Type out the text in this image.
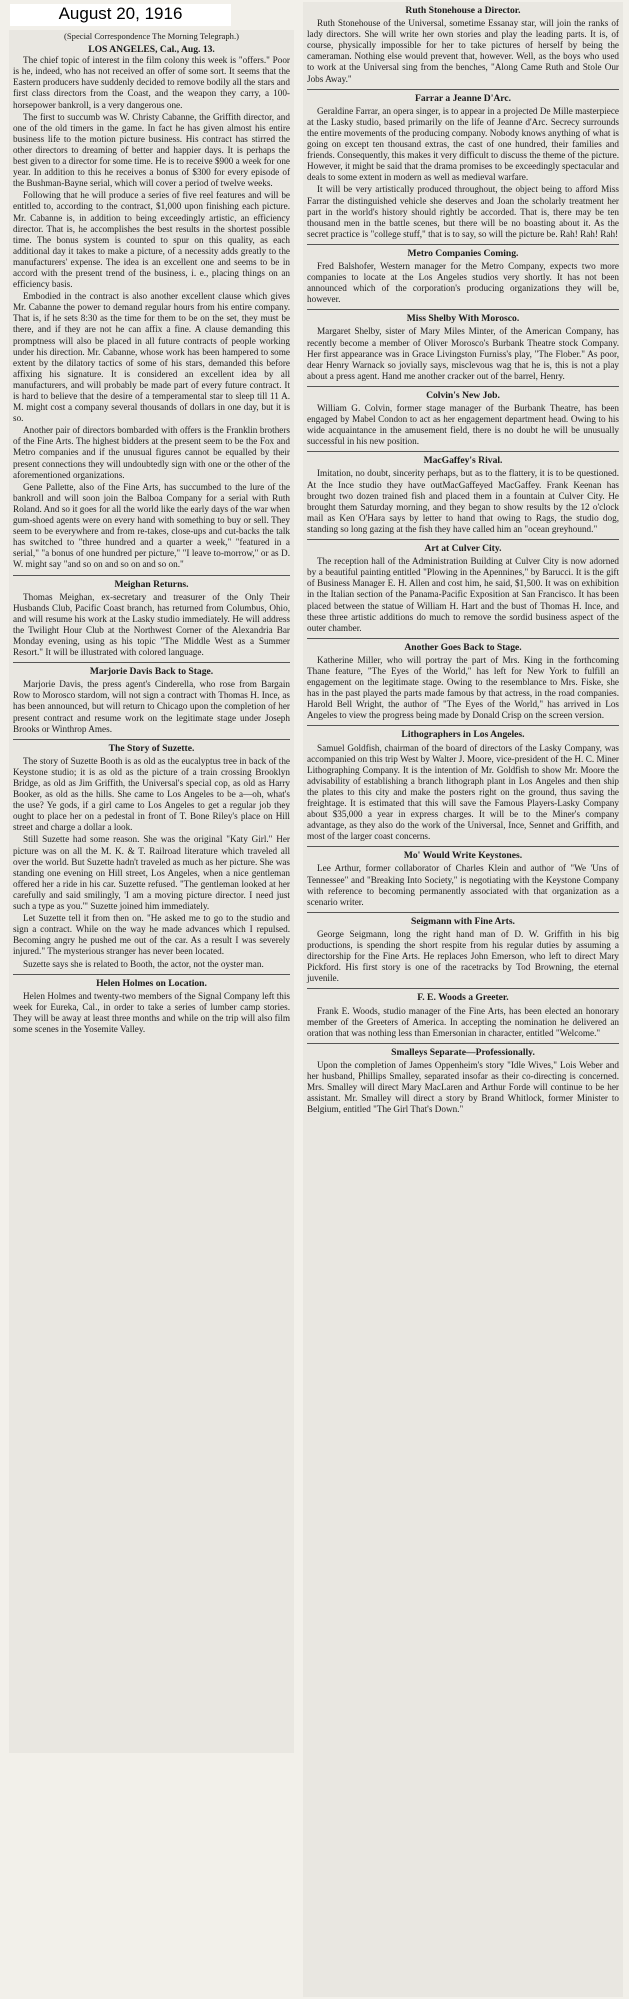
August 20, 1916
(Special Correspondence The Morning Telegraph.)
LOS ANGELES, Cal., Aug. 13.

The chief topic of interest in the film colony this week is "offers." Poor is he, indeed, who has not received an offer of some sort. It seems that the Eastern producers have suddenly decided to remove bodily all the stars and first class directors from the Coast, and the weapon they carry, a 100-horsepower bankroll, is a very dangerous one.

The first to succumb was W. Christy Cabanne, the Griffith director, and one of the old timers in the game. In fact he has given almost his entire business life to the motion picture business. His contract has stirred the other directors to dreaming of better and happier days. It is perhaps the best given to a director for some time. He is to receive $900 a week for one year. In addition to this he receives a bonus of $300 for every episode of the Bushman-Bayne serial, which will cover a period of twelve weeks.

Following that he will produce a series of five reel features and will be entitled to, according to the contract, $1,000 upon finishing each picture. Mr. Cabanne is, in addition to being exceedingly artistic, an efficiency director. That is, he accomplishes the best results in the shortest possible time. The bonus system is counted to spur on this quality, as each additional day it takes to make a picture, of a necessity adds greatly to the manufacturers' expense. The idea is an excellent one and seems to be in accord with the present trend of the business, i. e., placing things on an efficiency basis.

Embodied in the contract is also another excellent clause which gives Mr. Cabanne the power to demand regular hours from his entire company. That is, if he sets 8:30 as the time for them to be on the set, they must be there, and if they are not he can affix a fine. A clause demanding this promptness will also be placed in all future contracts of people working under his direction. Mr. Cabanne, whose work has been hampered to some extent by the dilatory tactics of some of his stars, demanded this before affixing his signature. It is considered an excellent idea by all manufacturers, and will probably be made part of every future contract. It is hard to believe that the desire of a temperamental star to sleep till 11 A. M. might cost a company several thousands of dollars in one day, but it is so.

Another pair of directors bombarded with offers is the Franklin brothers of the Fine Arts. The highest bidders at the present seem to be the Fox and Metro companies and if the unusual figures cannot be equalled by their present connections they will undoubtedly sign with one or the other of the aforementioned organizations.

Gene Pallette, also of the Fine Arts, has succumbed to the lure of the bankroll and will soon join the Balboa Company for a serial with Ruth Roland. And so it goes for all the world like the early days of the war when gum-shoed agents were on every hand with something to buy or sell. They seem to be everywhere and from re-takes, close-ups and cut-backs the talk has switched to "three hundred and a quarter a week," "featured in a serial," "a bonus of one hundred per picture," "I leave to-morrow," or as D. W. might say "and so on and so on and so on."

Meighan Returns.

Thomas Meighan, ex-secretary and treasurer of the Only Their Husbands Club, Pacific Coast branch, has returned from Columbus, Ohio, and will resume his work at the Lasky studio immediately. He will address the Twilight Hour Club at the Northwest Corner of the Alexandria Bar Monday evening, using as his topic "The Middle West as a Summer Resort." It will be illustrated with colored language.

Marjorie Davis Back to Stage.

Marjorie Davis, the press agent's Cinderella, who rose from Bargain Row to Morosco stardom, will not sign a contract with Thomas H. Ince, as has been announced, but will return to Chicago upon the completion of her present contract and resume work on the legitimate stage under Joseph Brooks or Winthrop Ames.

The Story of Suzette.

The story of Suzette Booth is as old as the eucalyptus tree in back of the Keystone studio; it is as old as the picture of a train crossing Brooklyn Bridge, as old as Jim Griffith, the Universal's special cop, as old as Harry Booker, as old as the hills. She came to Los Angeles to be a—oh, what's the use? Ye gods, if a girl came to Los Angeles to get a regular job they ought to place her on a pedestal in front of T. Bone Riley's place on Hill street and charge a dollar a look.

Still Suzette had some reason. She was the original "Katy Girl." Her picture was on all the M. K. & T. Railroad literature which traveled all over the world. But Suzette hadn't traveled as much as her picture. She was standing one evening on Hill street, Los Angeles, when a nice gentleman offered her a ride in his car. Suzette refused. "The gentleman looked at her carefully and said smilingly, 'I am a moving picture director. I need just such a type as you.'" Suzette joined him immediately.

Let Suzette tell it from then on. "He asked me to go to the studio and sign a contract. While on the way he made advances which I repulsed. Becoming angry he pushed me out of the car. As a result I was severely injured." The mysterious stranger has never been located.

Suzette says she is related to Booth, the actor, not the oyster man.

Helen Holmes on Location.

Helen Holmes and twenty-two members of the Signal Company left this week for Eureka, Cal., in order to take a series of lumber camp stories. They will be away at least three months and while on the trip will also film some scenes in the Yosemite Valley.

Ruth Stonehouse a Director.

Ruth Stonehouse of the Universal, sometime Essanay star, will join the ranks of lady directors. She will write her own stories and play the leading parts. It is, of course, physically impossible for her to take pictures of herself by being the cameraman. Nothing else would prevent that, however. Well, as the boys who used to work at the Universal sing from the benches, "Along Came Ruth and Stole Our Jobs Away."

Farrar a Jeanne D'Arc.

Geraldine Farrar, an opera singer, is to appear in a projected De Mille masterpiece at the Lasky studio, based primarily on the life of Jeanne d'Arc. Secrecy surrounds the entire movements of the producing company. Nobody knows anything of what is going on except ten thousand extras, the cast of one hundred, their families and friends. Consequently, this makes it very difficult to discuss the theme of the picture. However, it might be said that the drama promises to be exceedingly spectacular and deals to some extent in modern as well as medieval warfare.

It will be very artistically produced throughout, the object being to afford Miss Farrar the distinguished vehicle she deserves and Joan the scholarly treatment her part in the world's history should rightly be accorded. That is, there may be ten thousand men in the battle scenes, but there will be no boasting about it. As the secret practice is "college stuff," that is to say, so will the picture be. Rah! Rah! Rah!

Metro Companies Coming.

Fred Balshofer, Western manager for the Metro Company, expects two more companies to locate at the Los Angeles studios very shortly. It has not been announced which of the corporation's producing organizations they will be, however.

Miss Shelby With Morosco.

Margaret Shelby, sister of Mary Miles Minter, of the American Company, has recently become a member of Oliver Morosco's Burbank Theatre stock Company. Her first appearance was in Grace Livingston Furniss's play, "The Flober." As poor, dear Henry Warnack so jovially says, misclevous wag that he is, this is not a play about a press agent. Hand me another cracker out of the barrel, Henry.

Colvin's New Job.

William G. Colvin, former stage manager of the Burbank Theatre, has been engaged by Mabel Condon to act as her engagement department head. Owing to his wide acquaintance in the amusement field, there is no doubt he will be unusually successful in his new position.

MacGaffey's Rival.

Imitation, no doubt, sincerity perhaps, but as to the flattery, it is to be questioned. At the Ince studio they have outMacGaffeyed MacGaffey. Frank Keenan has brought two dozen trained fish and placed them in a fountain at Culver City. He brought them Saturday morning, and they began to show results by the 12 o'clock mail as Ken O'Hara says by letter to hand that owing to Rags, the studio dog, standing so long gazing at the fish they have called him an "ocean greyhound."

Art at Culver City.

The reception hall of the Administration Building at Culver City is now adorned by a beautiful painting entitled "Plowing in the Apennines," by Barucci. It is the gift of Business Manager E. H. Allen and cost him, he said, $1,500. It was on exhibition in the Italian section of the Panama-Pacific Exposition at San Francisco. It has been placed between the statue of William H. Hart and the bust of Thomas H. Ince, and these three artistic additions do much to remove the sordid business aspect of the outer chamber.

Another Goes Back to Stage.

Katherine Miller, who will portray the part of Mrs. King in the forthcoming Thane feature, "The Eyes of the World," has left for New York to fulfill an engagement on the legitimate stage. Owing to the resemblance to Mrs. Fiske, she has in the past played the parts made famous by that actress, in the road companies. Harold Bell Wright, the author of "The Eyes of the World," has arrived in Los Angeles to view the progress being made by Donald Crisp on the screen version.

Lithographers in Los Angeles.

Samuel Goldfish, chairman of the board of directors of the Lasky Company, was accompanied on this trip West by Walter J. Moore, vice-president of the H. C. Miner Lithographing Company. It is the intention of Mr. Goldfish to show Mr. Moore the advisability of establishing a branch lithograph plant in Los Angeles and then ship the plates to this city and make the posters right on the ground, thus saving the freightage. It is estimated that this will save the Famous Players-Lasky Company about $35,000 a year in express charges. It will be to the Miner's company advantage, as they also do the work of the Universal, Ince, Sennet and Griffith, and most of the larger coast concerns.

Mo' Would Write Keystones.

Lee Arthur, former collaborator of Charles Klein and author of "We 'Uns of Tennessee" and "Breaking Into Society," is negotiating with the Keystone Company with reference to becoming permanently associated with that organization as a scenario writer.

Seigmann with Fine Arts.

George Seigmann, long the right hand man of D. W. Griffith in his big productions, is spending the short respite from his regular duties by assuming a directorship for the Fine Arts. He replaces John Emerson, who left to direct Mary Pickford. His first story is one of the racetracks by Tod Browning, the eternal juvenile.

F. E. Woods a Greeter.

Frank E. Woods, studio manager of the Fine Arts, has been elected an honorary member of the Greeters of America. In accepting the nomination he delivered an oration that was nothing less than Emersonian in character, entitled "Welcome."

Smalleys Separate—Professionally.

Upon the completion of James Oppenheim's story "Idle Wives," Lois Weber and her husband, Phillips Smalley, separated insofar as their co-directing is concerned. Mrs. Smalley will direct Mary MacLaren and Arthur Forde will continue to be her assistant. Mr. Smalley will direct a story by Brand Whitlock, former Minister to Belgium, entitled "The Girl That's Down."
